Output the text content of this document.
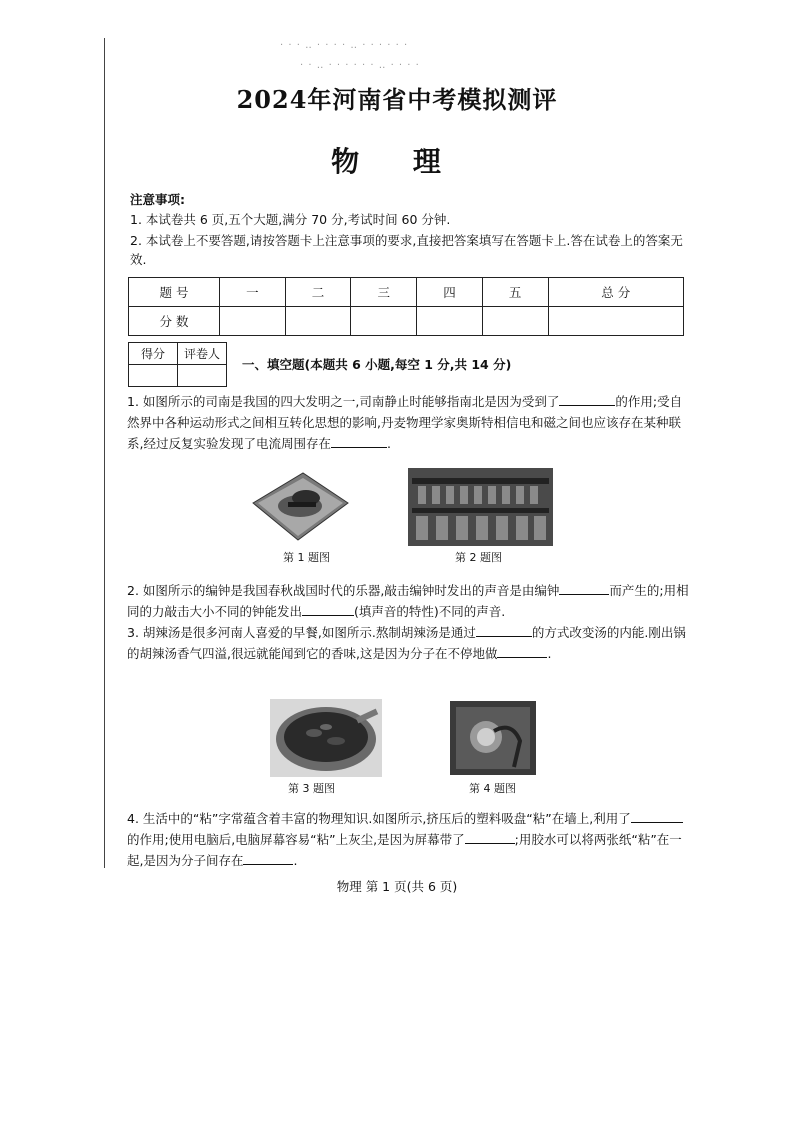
· · · ‥ · · · · ‥ · · · · · ·
· · ‥ · · · · · · ‥ · · · ·
2024年河南省中考模拟测评
物 理
注意事项:
1. 本试卷共 6 页,五个大题,满分 70 分,考试时间 60 分钟.
2. 本试卷上不要答题,请按答题卡上注意事项的要求,直接把答案填写在答题卡上.答在试卷上的答案无效.
题 号	一	二	三	四	五	总 分
分 数						
得分	评卷人

一、填空题(本题共 6 小题,每空 1 分,共 14 分)
1. 如图所示的司南是我国的四大发明之一,司南静止时能够指南北是因为受到了	的作用;受自然界中各种运动形式之间相互转化思想的影响,丹麦物理学家奥斯特相信电和磁之间也应该存在某种联系,经过反复实验发现了电流周围存在	.
第 1 题图	第 2 题图
2. 如图所示的编钟是我国春秋战国时代的乐器,敲击编钟时发出的声音是由编钟	而产生的;用相同的力敲击大小不同的钟能发出	(填声音的特性)不同的声音.
3. 胡辣汤是很多河南人喜爱的早餐,如图所示.熬制胡辣汤是通过	的方式改变汤的内能.刚出锅的胡辣汤香气四溢,很远就能闻到它的香味,这是因为分子在不停地做	.
第 3 题图	第 4 题图
4. 生活中的“粘”字常蕴含着丰富的物理知识.如图所示,挤压后的塑料吸盘“粘”在墙上,利用了的作用;使用电脑后,电脑屏幕容易“粘”上灰尘,是因为屏幕带了	;用胶水可以将两张纸“粘”在一起,是因为分子间存在	.
物理 第 1 页(共 6 页)
